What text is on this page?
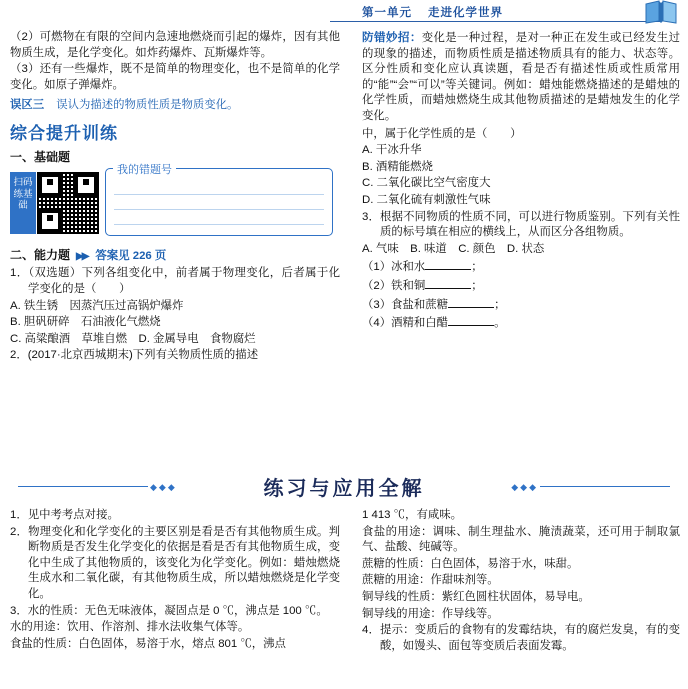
第一单元 走进化学世界

（2）可燃物在有限的空间内急速地燃烧而引起的爆炸，因有其他物质生成，是化学变化。如炸药爆炸、瓦斯爆炸等。

（3）还有一些爆炸，既不是简单的物理变化，也不是简单的化学变化。如原子弹爆炸。

误区三 误认为描述的物质性质是物质变化。
综合提升训练
一、基础题
扫码练基础
我的错题号
二、能力题 ▶▶ 答案见 226 页

1．（双选题）下列各组变化中，前者属于物理变化，后者属于化学变化的是（　　）

A. 铁生锈　因蒸汽压过高锅炉爆炸

B. 胆矾研碎　石油液化气燃烧

C. 高粱酿酒　草堆自燃　D. 金属导电　食物腐烂

2．(2017·北京西城期末)下列有关物质性质的描述

防错妙招：变化是一种过程，是对一种正在发生或已经发生过的现象的描述，而物质性质是描述物质具有的能力、状态等。区分性质和变化应认真读题，看是否有描述性质或性质常用的“能”“会”“可以”等关键词。例如：蜡烛能燃烧描述的是蜡烛的化学性质，而蜡烛燃烧生成其他物质描述的是蜡烛发生的化学变化。

中，属于化学性质的是（　　）

A. 干冰升华

B. 酒精能燃烧

C. 二氧化碳比空气密度大

D. 二氧化硫有刺激性气味

3．根据不同物质的性质不同，可以进行物质鉴别。下列有关性质的标号填在相应的横线上，从而区分各组物质。

A. 气味　B. 味道　C. 颜色　D. 状态

（1）冰和水	；

（2）铁和铜	；

（3）食盐和蔗糖	；

（4）酒精和白醋	。

◆◆◆	◆◆◆
练习与应用全解

1．见中考考点对接。

2．物理变化和化学变化的主要区别是看是否有其他物质生成。判断物质是否发生化学变化的依据是看是否有其他物质生成，变化中生成了其他物质的，该变化为化学变化。例如：蜡烛燃烧生成水和二氧化碳，有其他物质生成，所以蜡烛燃烧是化学变化。

3．水的性质：无色无味液体，凝固点是 0 ℃，沸点是 100 ℃。

水的用途：饮用、作溶剂、排水法收集气体等。

食盐的性质：白色固体，易溶于水，熔点 801 ℃，沸点

1 413 ℃，有咸味。

食盐的用途：调味、制生理盐水、腌渍蔬菜，还可用于制取氯气、盐酸、纯碱等。

蔗糖的性质：白色固体，易溶于水，味甜。

蔗糖的用途：作甜味剂等。

铜导线的性质：紫红色圆柱状固体，易导电。

铜导线的用途：作导线等。

4．提示：变质后的食物有的发霉结块，有的腐烂发臭，有的变酸，如馒头、面包等变质后表面发霉。
